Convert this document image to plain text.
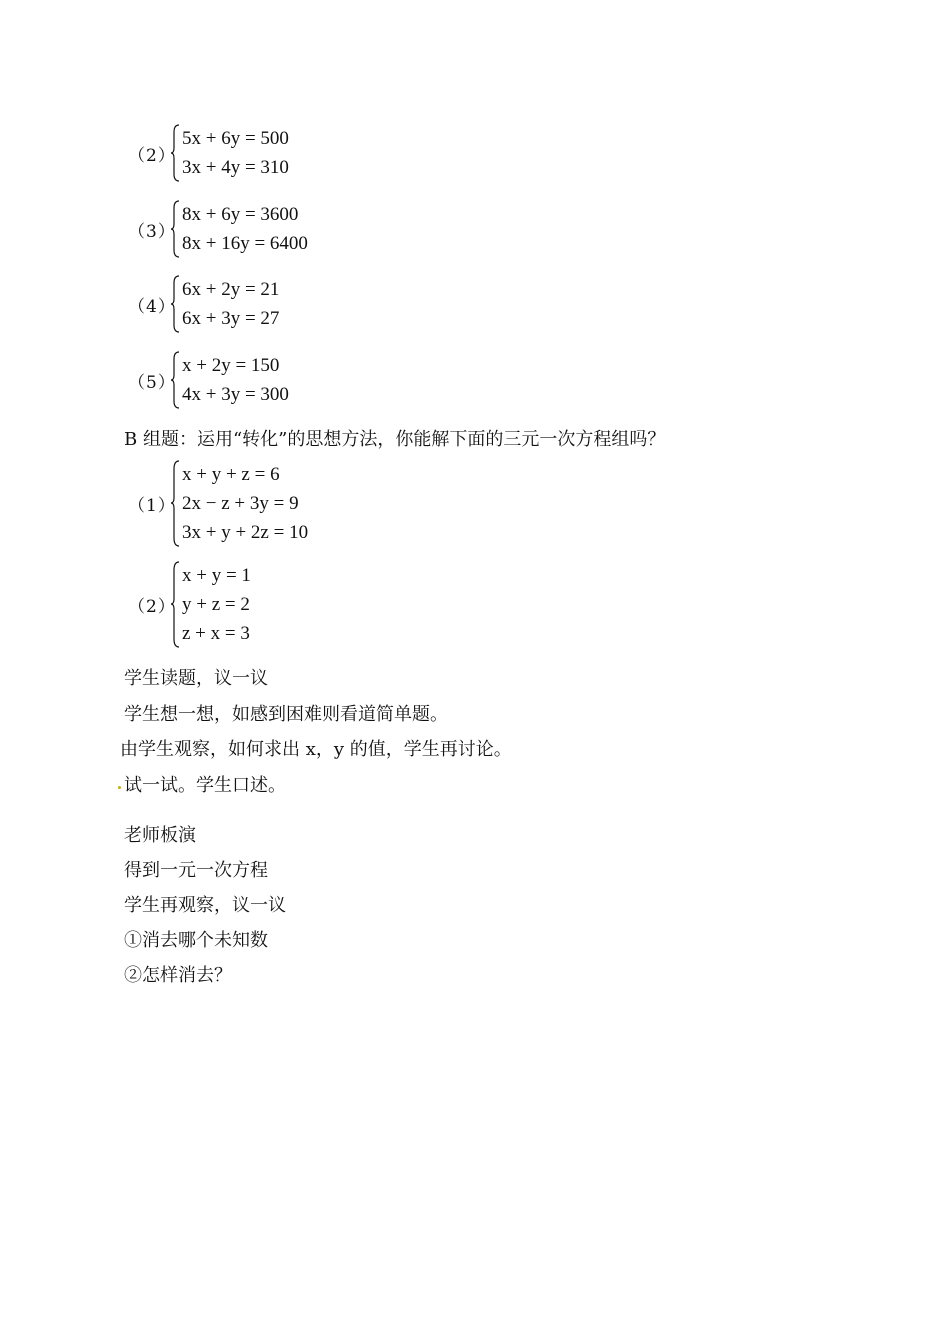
（2）
5x + 6y = 500
3x + 4y = 310
（3）
8x + 6y = 3600
8x + 16y = 6400
（4）
6x + 2y = 21
6x + 3y = 27
（5）
x + 2y = 150
4x + 3y = 300
B 组题：运用“转化”的思想方法，你能解下面的三元一次方程组吗？
（1）
x + y + z = 6
2x − z + 3y = 9
3x + y + 2z = 10
（2）
x + y = 1
y + z = 2
z + x = 3
学生读题，议一议
学生想一想，如感到困难则看道简单题。
由学生观察，如何求出 x，y 的值，学生再讨论。
试一试。学生口述。
老师板演
得到一元一次方程
学生再观察，议一议
①消去哪个未知数
②怎样消去？
